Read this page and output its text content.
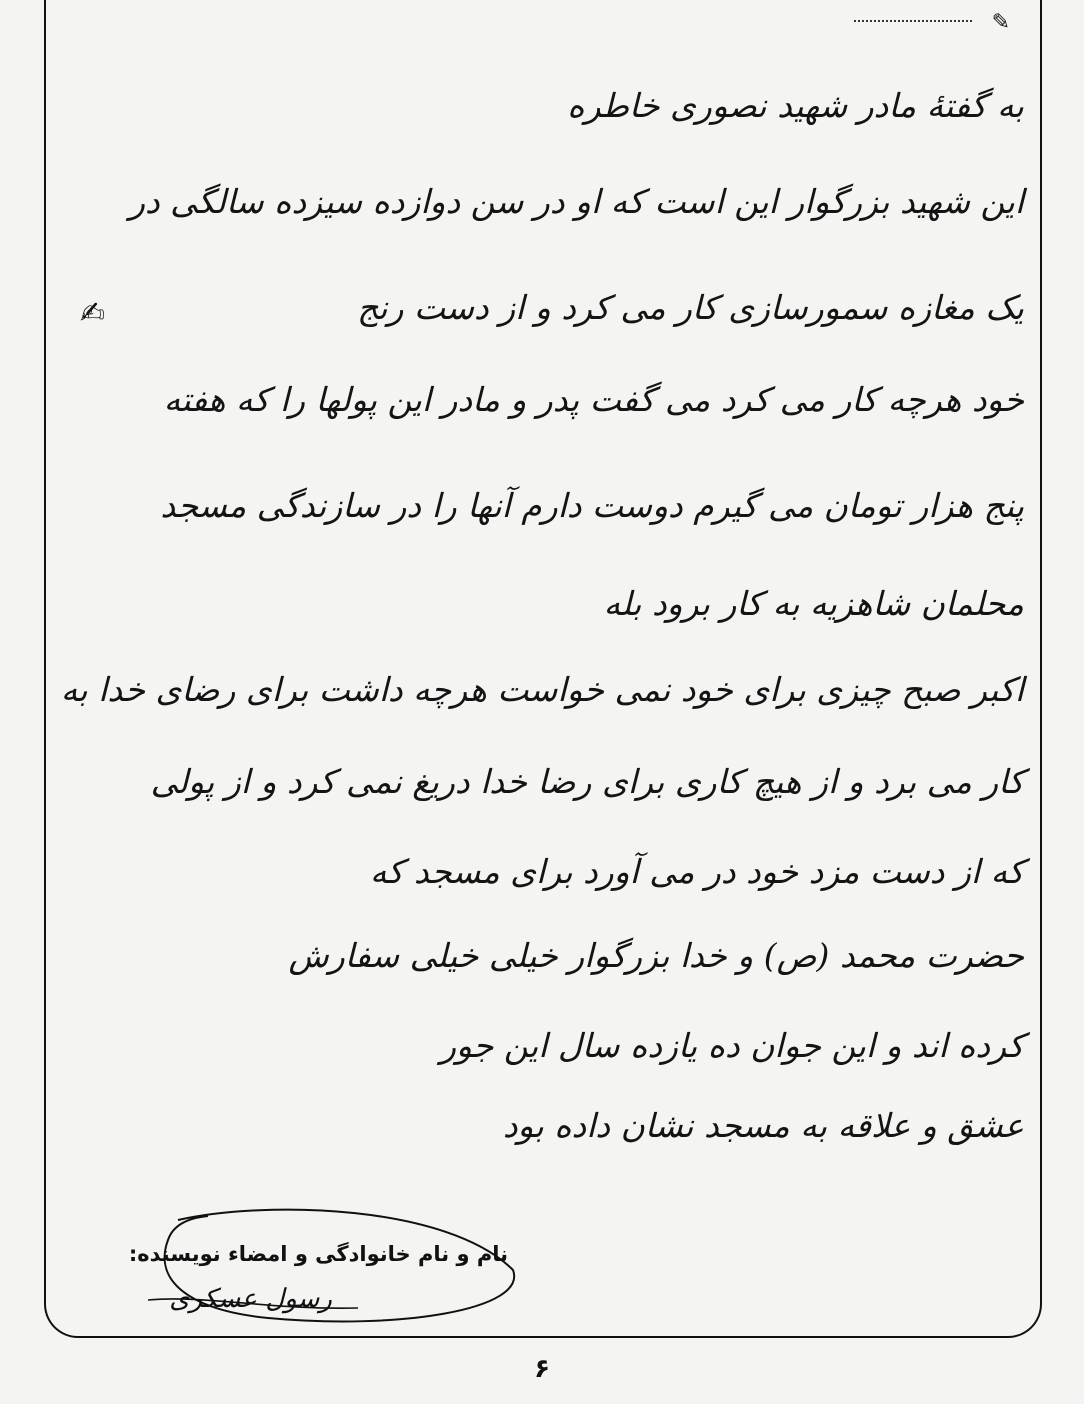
✎
به گفتهٔ مادر شهید نصوری خاطره
این شهید بزرگوار این است که او در سن دوازده سیزده سالگی در
یک مغازه سمورسازی کار می کرد و از دست رنج
خود هرچه کار می کرد می گفت پدر و مادر این پولها را که هفته
پنج هزار تومان می گیرم دوست دارم آنها را در سازندگی مسجد
محلمان شاهزیه به کار برود بله
اکبر صبح چیزی برای خود نمی خواست هرچه داشت برای رضای خدا به
کار می برد و از هیچ کاری برای رضا خدا دریغ نمی کرد و از پولی
که از دست مزد خود در می آورد برای مسجد که
حضرت محمد (ص) و خدا بزرگوار خیلی خیلی سفارش
کرده اند و این جوان ده یازده سال این جور
عشق و علاقه به مسجد نشان داده بود
✍
نام و نام خانوادگی و امضاء نویسنده:
رسول عسکری
۶
